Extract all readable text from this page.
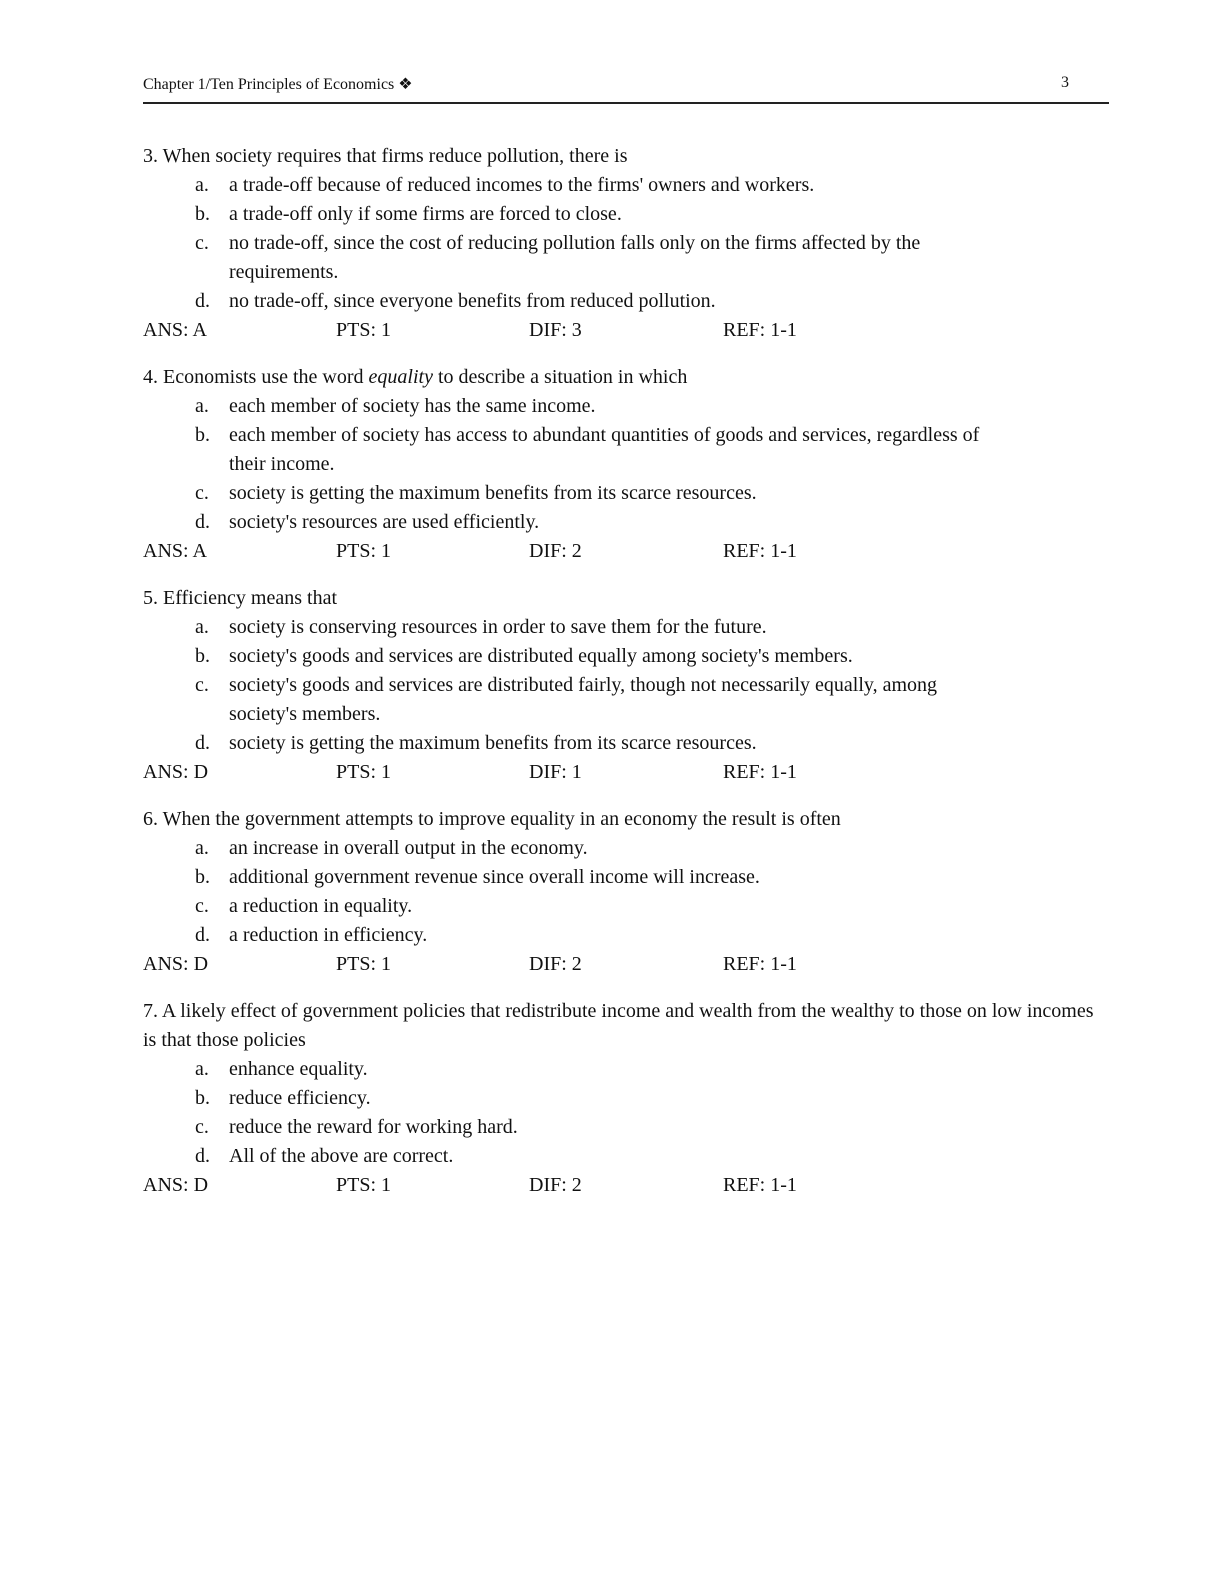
Chapter 1/Ten Principles of Economics ❖	3
3. When society requires that firms reduce pollution, there is
a.	a trade-off because of reduced incomes to the firms' owners and workers.
b. a trade-off only if some firms are forced to close.
c.	no trade-off, since the cost of reducing pollution falls only on the firms affected by the requirements.
d. no trade-off, since everyone benefits from reduced pollution.
ANS: A	PTS: 1	DIF: 3	REF: 1-1
4. Economists use the word equality to describe a situation in which
a.	each member of society has the same income.
b. each member of society has access to abundant quantities of goods and services, regardless of their income.
c.	society is getting the maximum benefits from its scarce resources.
d. society's resources are used efficiently.
ANS: A	PTS: 1	DIF: 2	REF: 1-1
5. Efficiency means that
a.	society is conserving resources in order to save them for the future.
b. society's goods and services are distributed equally among society's members.
c.	society's goods and services are distributed fairly, though not necessarily equally, among society's members.
d. society is getting the maximum benefits from its scarce resources.
ANS: D	PTS: 1	DIF: 1	REF: 1-1
6. When the government attempts to improve equality in an economy the result is often
a.	an increase in overall output in the economy.
b. additional government revenue since overall income will increase.
c.	a reduction in equality.
d. a reduction in efficiency.
ANS: D	PTS: 1	DIF: 2	REF: 1-1
7. A likely effect of government policies that redistribute income and wealth from the wealthy to those on low incomes is that those policies
a.	enhance equality.
b. reduce efficiency.
c.	reduce the reward for working hard.
d. All of the above are correct.
ANS: D	PTS: 1	DIF: 2	REF: 1-1
